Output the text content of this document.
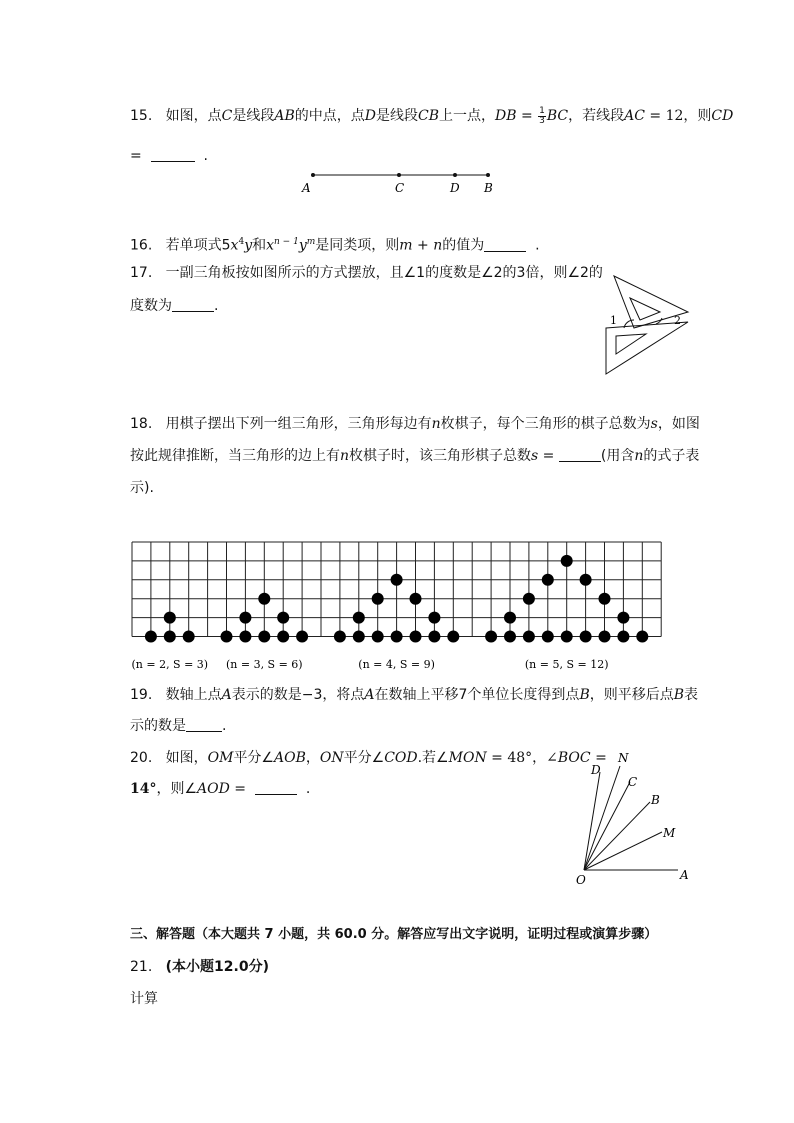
15. 如图，点C是线段AB的中点，点D是线段CB上一点，DB = $\frac{1}{3}$ BC，若线段AC = 12，则CD
=	.
A	C	D B
16. 若单项式$5x^4y$和$x^{n - 1}y^m$是同类项，则m + n的值为	.
17. 一副三角板按如图所示的方式摆放，且∠1的度数是∠2的3倍，则∠2的
度数为	.
1	2
18. 用棋子摆出下列一组三角形，三角形每边有n枚棋子，每个三角形的棋子总数为s，如图
按此规律推断，当三角形的边上有n枚棋子时，该三角形棋子总数s =	(用含n的式子表
示).
(n = 2, S = 3) (n = 3, S = 6)	(n = 4, S = 9)	(n = 5, S = 12)
19. 数轴上点A表示的数是−3，将点A在数轴上平移7个单位长度得到点B，则平移后点B表
示的数是	.
20. 如图，OM平分∠AOB，ON平分∠COD.若∠MON = 48°，∠BOC =
14°，则∠AOD =	.
D
N
C
B
M
O	A
三、解答题（本大题共 7 小题，共 60.0 分。解答应写出文字说明，证明过程或演算步骤）
21. (本小题12.0分)
计算
